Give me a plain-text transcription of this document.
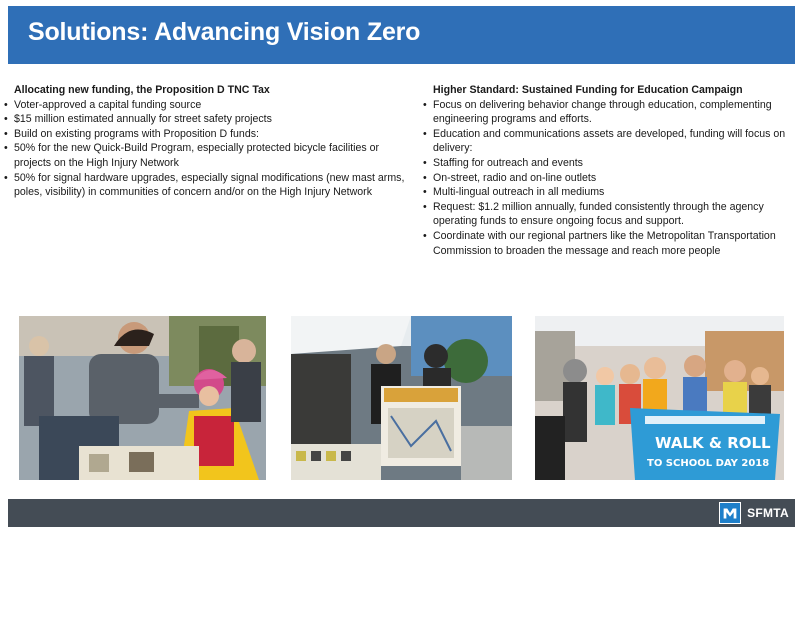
Solutions: Advancing Vision Zero
Allocating new funding, the Proposition D TNC Tax
• Voter-approved a capital funding source
• $15 million estimated annually for street safety projects
• Build on existing programs with Proposition D funds:
• 50% for the new Quick-Build Program, especially protected bicycle facilities or projects on the High Injury Network
• 50% for signal hardware upgrades, especially signal modifications (new mast arms, poles, visibility) in communities of concern and/or on the High Injury Network
Higher Standard: Sustained Funding for Education Campaign
• Focus on delivering behavior change through education, complementing engineering programs and efforts.
• Education and communications assets are developed, funding will focus on delivery:
• Staffing for outreach and events
• On-street, radio and on-line outlets
• Multi-lingual outreach in all mediums
• Request: $1.2 million annually, funded consistently through the agency operating funds to ensure ongoing focus and support.
• Coordinate with our regional partners like the Metropolitan Transportation Commission to broaden the message and reach more people
WALK & ROLL
TO SCHOOL DAY 2018
SFMTA
